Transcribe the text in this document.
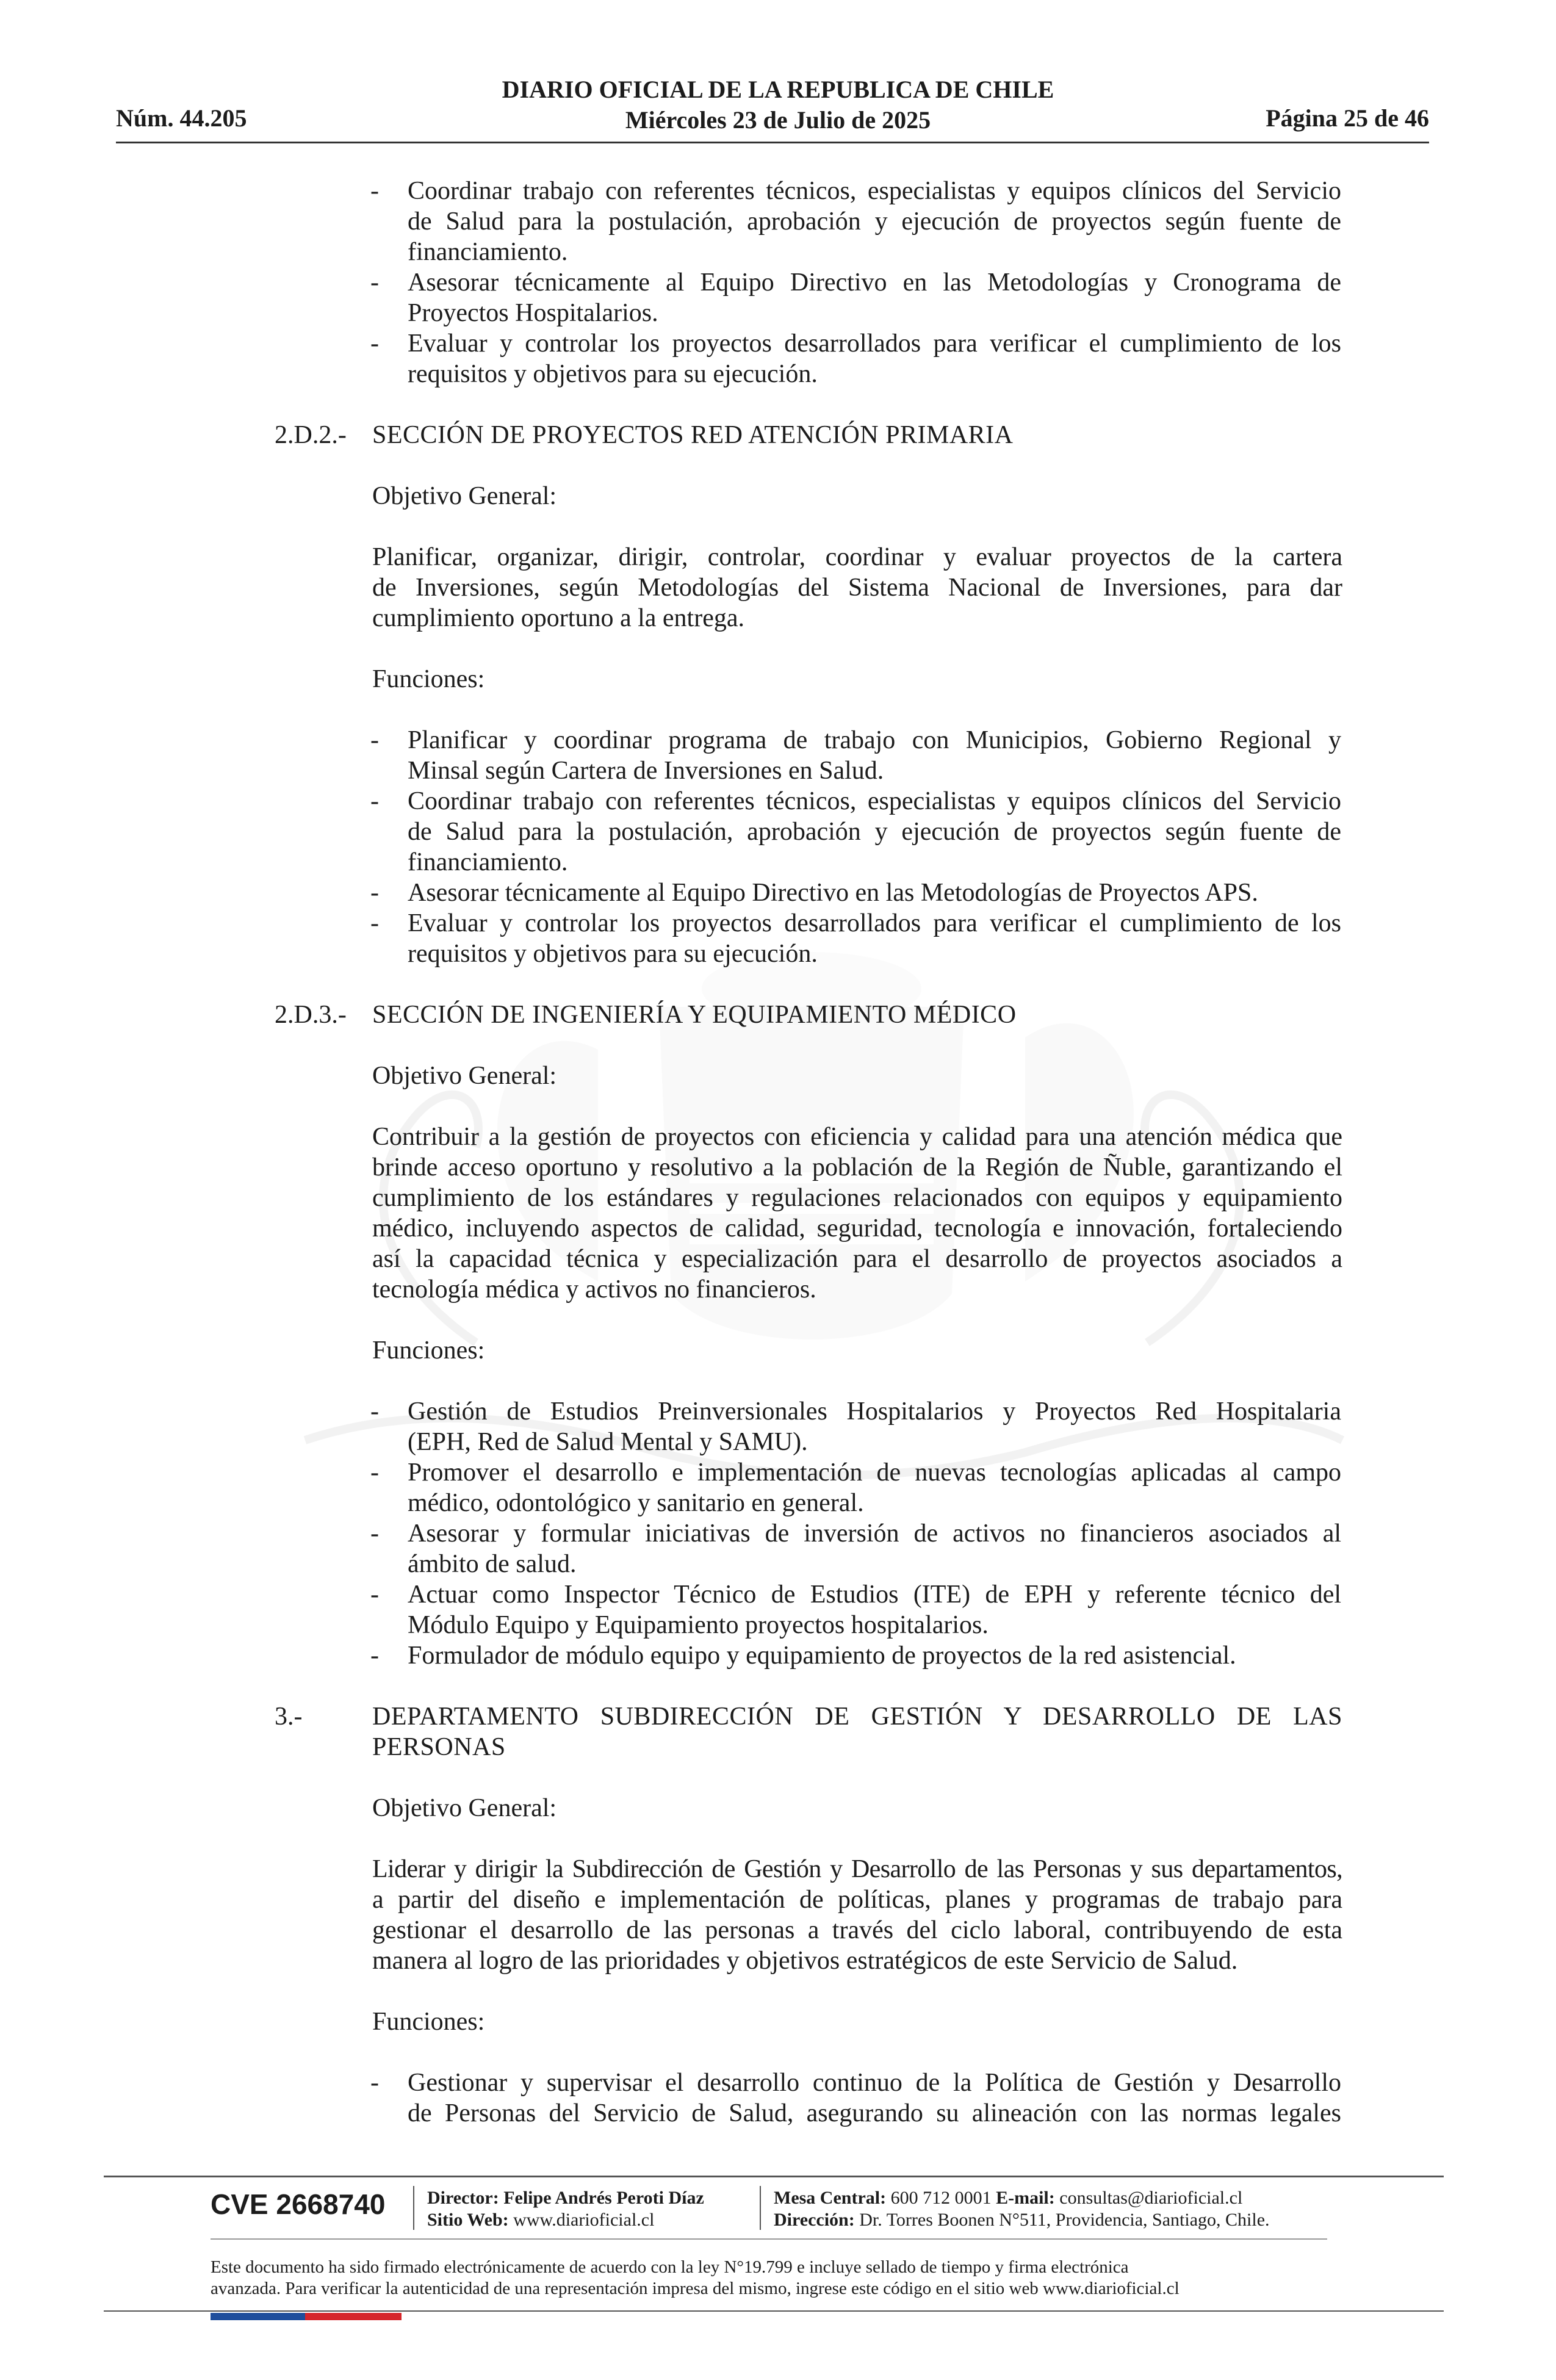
Núm. 44.205
DIARIO OFICIAL DE LA REPUBLICA DE CHILE
Miércoles 23 de Julio de 2025	Página 25 de 46
- Coordinar trabajo con referentes técnicos, especialistas y equipos clínicos del Servicio
de Salud para la postulación, aprobación y ejecución de proyectos según fuente de
financiamiento.
- Asesorar técnicamente al Equipo Directivo en las Metodologías y Cronograma de
Proyectos Hospitalarios.
- Evaluar y controlar los proyectos desarrollados para verificar el cumplimiento de los
requisitos y objetivos para su ejecución.
2.D.2.- SECCIÓN DE PROYECTOS RED ATENCIÓN PRIMARIA
Objetivo General:
Planificar, organizar, dirigir, controlar, coordinar y evaluar proyectos de la cartera
de Inversiones, según Metodologías del Sistema Nacional de Inversiones, para dar
cumplimiento oportuno a la entrega.
Funciones:
- Planificar y coordinar programa de trabajo con Municipios, Gobierno Regional y
Minsal según Cartera de Inversiones en Salud.
- Coordinar trabajo con referentes técnicos, especialistas y equipos clínicos del Servicio
de Salud para la postulación, aprobación y ejecución de proyectos según fuente de
financiamiento.
- Asesorar técnicamente al Equipo Directivo en las Metodologías de Proyectos APS.
- Evaluar y controlar los proyectos desarrollados para verificar el cumplimiento de los
requisitos y objetivos para su ejecución.
2.D.3.- SECCIÓN DE INGENIERÍA Y EQUIPAMIENTO MÉDICO
Objetivo General:
Contribuir a la gestión de proyectos con eficiencia y calidad para una atención médica que
brinde acceso oportuno y resolutivo a la población de la Región de Ñuble, garantizando el
cumplimiento de los estándares y regulaciones relacionados con equipos y equipamiento
médico, incluyendo aspectos de calidad, seguridad, tecnología e innovación, fortaleciendo
así la capacidad técnica y especialización para el desarrollo de proyectos asociados a
tecnología médica y activos no financieros.
Funciones:
- Gestión de Estudios Preinversionales Hospitalarios y Proyectos Red Hospitalaria
(EPH, Red de Salud Mental y SAMU).
- Promover el desarrollo e implementación de nuevas tecnologías aplicadas al campo
médico, odontológico y sanitario en general.
- Asesorar y formular iniciativas de inversión de activos no financieros asociados al
ámbito de salud.
- Actuar como Inspector Técnico de Estudios (ITE) de EPH y referente técnico del
Módulo Equipo y Equipamiento proyectos hospitalarios.
- Formulador de módulo equipo y equipamiento de proyectos de la red asistencial.
3.-	DEPARTAMENTO SUBDIRECCIÓN DE GESTIÓN Y DESARROLLO DE LAS
PERSONAS
Objetivo General:
Liderar y dirigir la Subdirección de Gestión y Desarrollo de las Personas y sus departamentos,
a partir del diseño e implementación de políticas, planes y programas de trabajo para
gestionar el desarrollo de las personas a través del ciclo laboral, contribuyendo de esta
manera al logro de las prioridades y objetivos estratégicos de este Servicio de Salud.
Funciones:
- Gestionar y supervisar el desarrollo continuo de la Política de Gestión y Desarrollo
de Personas del Servicio de Salud, asegurando su alineación con las normas legales
CVE 2668740 Director: Felipe Andrés Peroti Díaz
Sitio Web: www.diarioficial.cl
Mesa Central: 600 712 0001 E-mail: consultas@diarioficial.cl
Dirección: Dr. Torres Boonen N°511, Providencia, Santiago, Chile.
Este documento ha sido firmado electrónicamente de acuerdo con la ley N°19.799 e incluye sellado de tiempo y firma electrónica
avanzada. Para verificar la autenticidad de una representación impresa del mismo, ingrese este código en el sitio web www.diarioficial.cl
